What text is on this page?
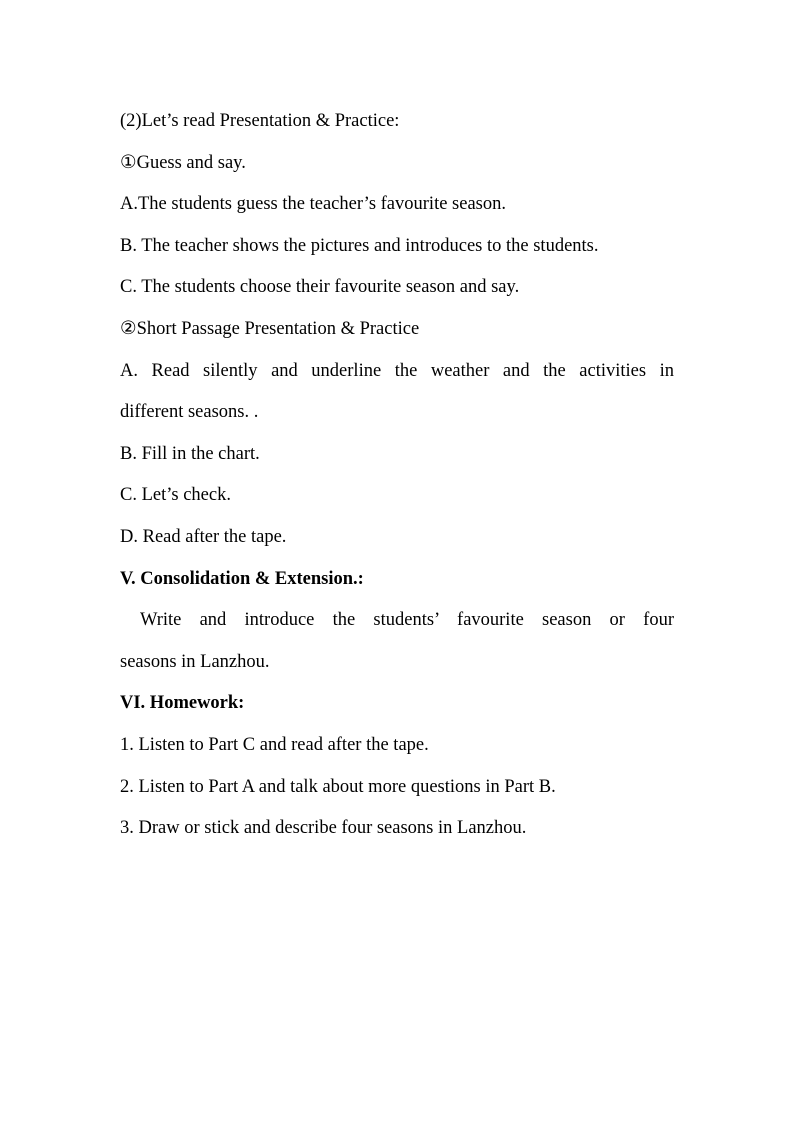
(2)Let’s read Presentation & Practice:
①Guess and say.
A.The students guess the teacher’s favourite season.
B. The teacher shows the pictures and introduces to the students.
C. The students choose their favourite season and say.
②Short Passage Presentation & Practice
A. Read silently and underline the weather and the activities in
different seasons. .
B. Fill in the chart.
C. Let’s check.
D. Read after the tape.
V. Consolidation & Extension.:
Write and introduce the students’ favourite season or four
seasons in Lanzhou.
VI. Homework:
1. Listen to Part C and read after the tape.
2. Listen to Part A and talk about more questions in Part B.
3. Draw or stick and describe four seasons in Lanzhou.
